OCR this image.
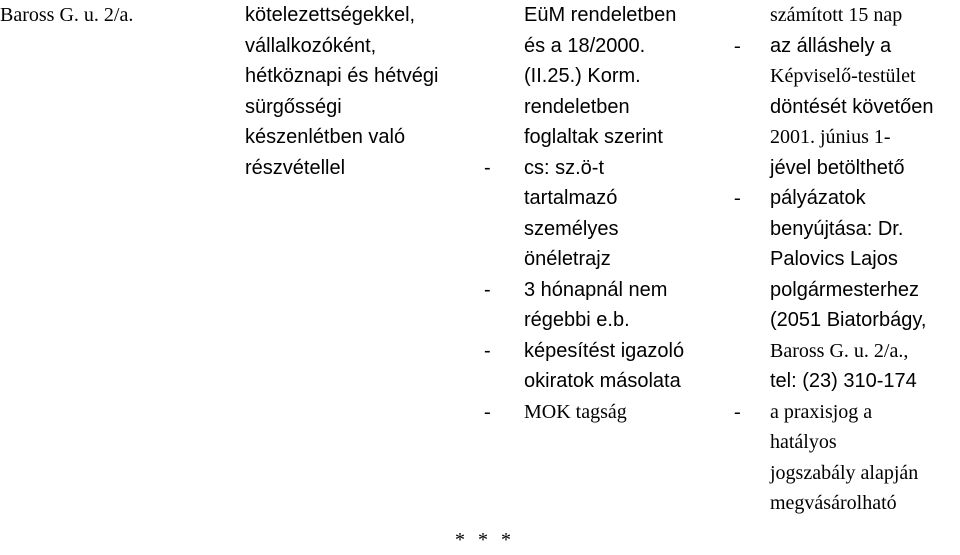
Baross G. u. 2/a.	kötelezettségekkel,
vállalkozóként,
hétköznapi és hétvégi
sürgősségi
készenlétben való
részvétellel
EüM rendeletben
és a 18/2000.
(II.25.) Korm.
rendeletben
foglaltak szerint
- cs: sz.ö-t
tartalmazó
személyes
önéletrajz
- 3 hónapnál nem
régebbi e.b.
- képesítést igazoló
okiratok másolata
- MOK tagság
számított 15 nap
- az álláshely a
Képviselő-testület
döntését követően
2001. június 1-
jével betölthető
- pályázatok
benyújtása: Dr.
Palovics Lajos
polgármesterhez
(2051 Biatorbágy,
Baross G. u. 2/a.,
tel: (23) 310-174
- a praxisjog a
hatályos
jogszabály alapján
megvásárolható
* * *
